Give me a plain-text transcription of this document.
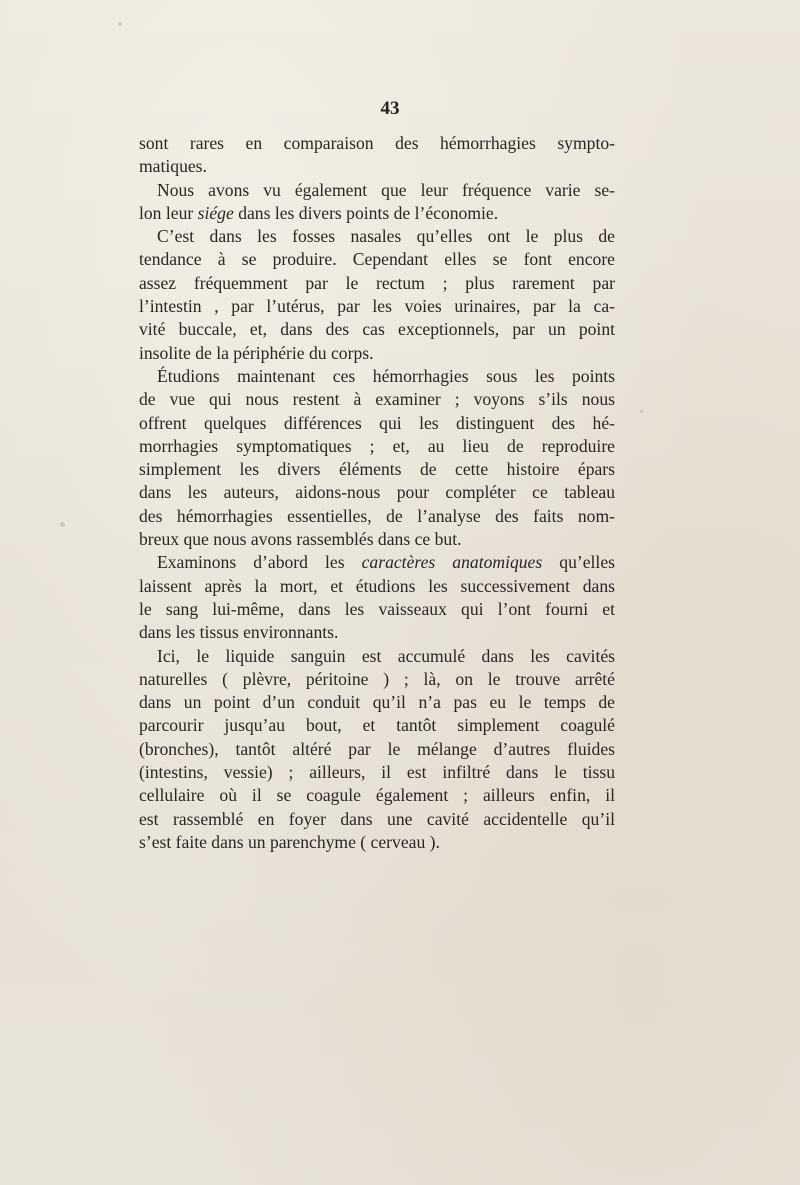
43
sont rares en comparaison des hémorrhagies sympto-
matiques.
Nous avons vu également que leur fréquence varie se-
lon leur siége dans les divers points de l’économie.
C’est dans les fosses nasales qu’elles ont le plus de
tendance à se produire. Cependant elles se font encore
assez fréquemment par le rectum ; plus rarement par
l’intestin , par l’utérus, par les voies urinaires, par la ca-
vité buccale, et, dans des cas exceptionnels, par un point
insolite de la périphérie du corps.
Étudions maintenant ces hémorrhagies sous les points
de vue qui nous restent à examiner ; voyons s’ils nous
offrent quelques différences qui les distinguent des hé-
morrhagies symptomatiques ; et, au lieu de reproduire
simplement les divers éléments de cette histoire épars
dans les auteurs, aidons-nous pour compléter ce tableau
des hémorrhagies essentielles, de l’analyse des faits nom-
breux que nous avons rassemblés dans ce but.
Examinons d’abord les caractères anatomiques qu’elles
laissent après la mort, et étudions les successivement dans
le sang lui-même, dans les vaisseaux qui l’ont fourni et
dans les tissus environnants.
Ici, le liquide sanguin est accumulé dans les cavités
naturelles ( plèvre, péritoine ) ; là, on le trouve arrêté
dans un point d’un conduit qu’il n’a pas eu le temps de
parcourir jusqu’au bout, et tantôt simplement coagulé
(bronches), tantôt altéré par le mélange d’autres fluides
(intestins, vessie) ; ailleurs, il est infiltré dans le tissu
cellulaire où il se coagule également ; ailleurs enfin, il
est rassemblé en foyer dans une cavité accidentelle qu’il
s’est faite dans un parenchyme ( cerveau ).
